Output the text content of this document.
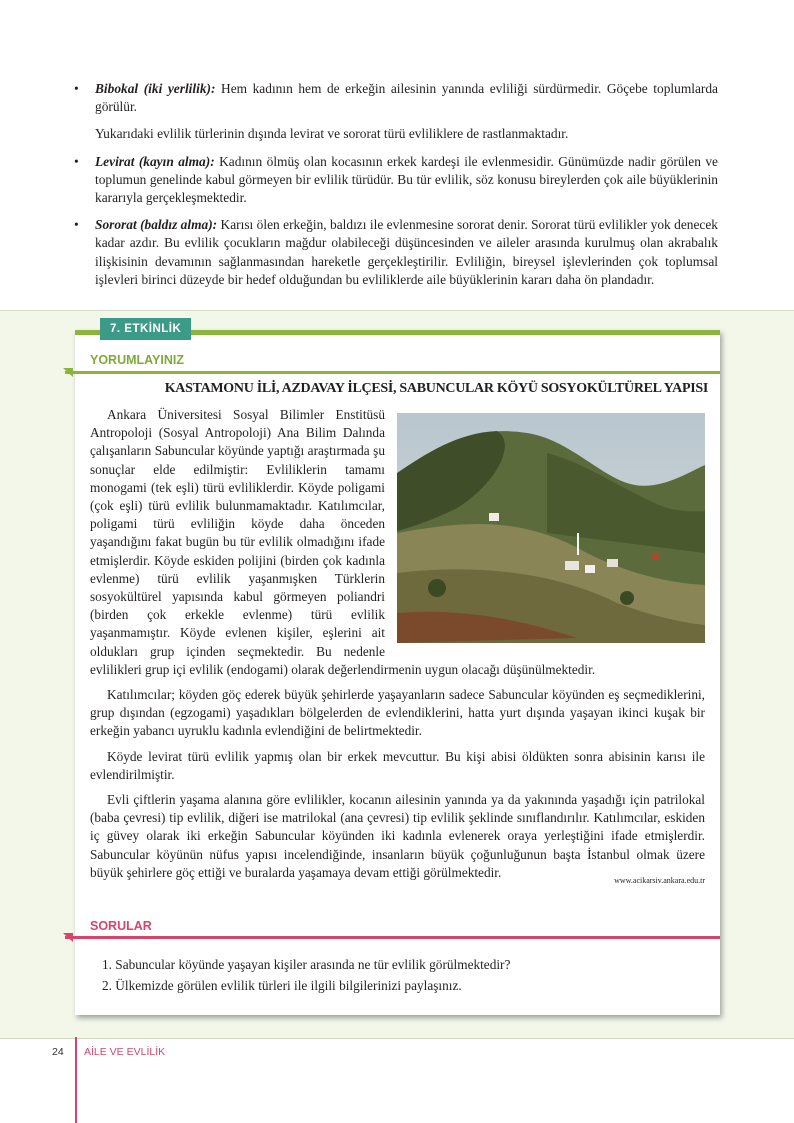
• Bibokal (iki yerlilik): Hem kadının hem de erkeğin ailesinin yanında evliliği sürdürmedir. Göçebe toplumlarda görülür.
Yukarıdaki evlilik türlerinin dışında levirat ve sororat türü evliliklere de rastlanmaktadır.
• Levirat (kayın alma): Kadının ölmüş olan kocasının erkek kardeşi ile evlenmesidir. Günümüzde nadir görülen ve toplumun genelinde kabul görmeyen bir evlilik türüdür. Bu tür evlilik, söz konusu bireylerden çok aile büyüklerinin kararıyla gerçekleşmektedir.
• Sororat (baldız alma): Karısı ölen erkeğin, baldızı ile evlenmesine sororat denir. Sororat türü evlilikler yok denecek kadar azdır. Bu evlilik çocukların mağdur olabileceği düşüncesinden ve aileler arasında kurulmuş olan akrabalık ilişkisinin devamının sağlanmasından hareketle gerçekleştirilir. Evliliğin, bireysel işlevlerinden çok toplumsal işlevleri birinci düzeyde bir hedef olduğundan bu evliliklerde aile büyüklerinin kararı daha ön plandadır.
7. ETKİNLİK
YORUMLAYINIZ
KASTAMONU İLİ, AZDAVAY İLÇESİ, SABUNCULAR KÖYÜ SOSYOKÜLTÜREL YAPISI

Ankara Üniversitesi Sosyal Bilimler Enstitüsü Antropoloji (Sosyal Antropoloji) Ana Bilim Dalında çalışanların Sabuncular köyünde yaptığı araştırmada şu sonuçlar elde edilmiştir: Evliliklerin tamamı monogami (tek eşli) türü evliliklerdir. Köyde poligami (çok eşli) türü evlilik bulunmamaktadır. Katılımcılar, poligami türü evliliğin köyde daha önceden yaşandığını fakat bugün bu tür evlilik olmadığını ifade etmişlerdir. Köyde eskiden polijini (birden çok kadınla evlenme) türü evlilik yaşanmışken Türklerin sosyokültürel yapısında kabul görmeyen poliandri (birden çok erkekle evlenme) türü evlilik yaşanmamıştır. Köyde evlenen kişiler, eşlerini ait oldukları grup içinden seçmektedir. Bu nedenle evlilikleri grup içi evlilik (endogami) olarak değerlendirmenin uygun olacağı düşünülmektedir.

Katılımcılar; köyden göç ederek büyük şehirlerde yaşayanların sadece Sabuncular köyünden eş seçmediklerini, grup dışından (egzogami) yaşadıkları bölgelerden de evlendiklerini, hatta yurt dışında yaşayan ikinci kuşak bir erkeğin yabancı uyruklu kadınla evlendiğini de belirtmektedir.

Köyde levirat türü evlilik yapmış olan bir erkek mevcuttur. Bu kişi abisi öldükten sonra abisinin karısı ile evlendirilmiştir.

Evli çiftlerin yaşama alanına göre evlilikler, kocanın ailesinin yanında ya da yakınında yaşadığı için patrilokal (baba çevresi) tip evlilik, diğeri ise matrilokal (ana çevresi) tip evlilik şeklinde sınıflandırılır. Katılımcılar, eskiden iç güvey olarak iki erkeğin Sabuncular köyünden iki kadınla evlenerek oraya yerleştiğini ifade etmişlerdir. Sabuncular köyünün nüfus yapısı incelendiğinde, insanların büyük çoğunluğunun başta İstanbul olmak üzere büyük şehirlere göç ettiği ve buralarda yaşamaya devam ettiği görülmektedir.

www.acikarsiv.ankara.edu.tr
SORULAR

1. Sabuncular köyünde yaşayan kişiler arasında ne tür evlilik görülmektedir?

2. Ülkemizde görülen evlilik türleri ile ilgili bilgilerinizi paylaşınız.

24 AİLE VE EVLİLİK
